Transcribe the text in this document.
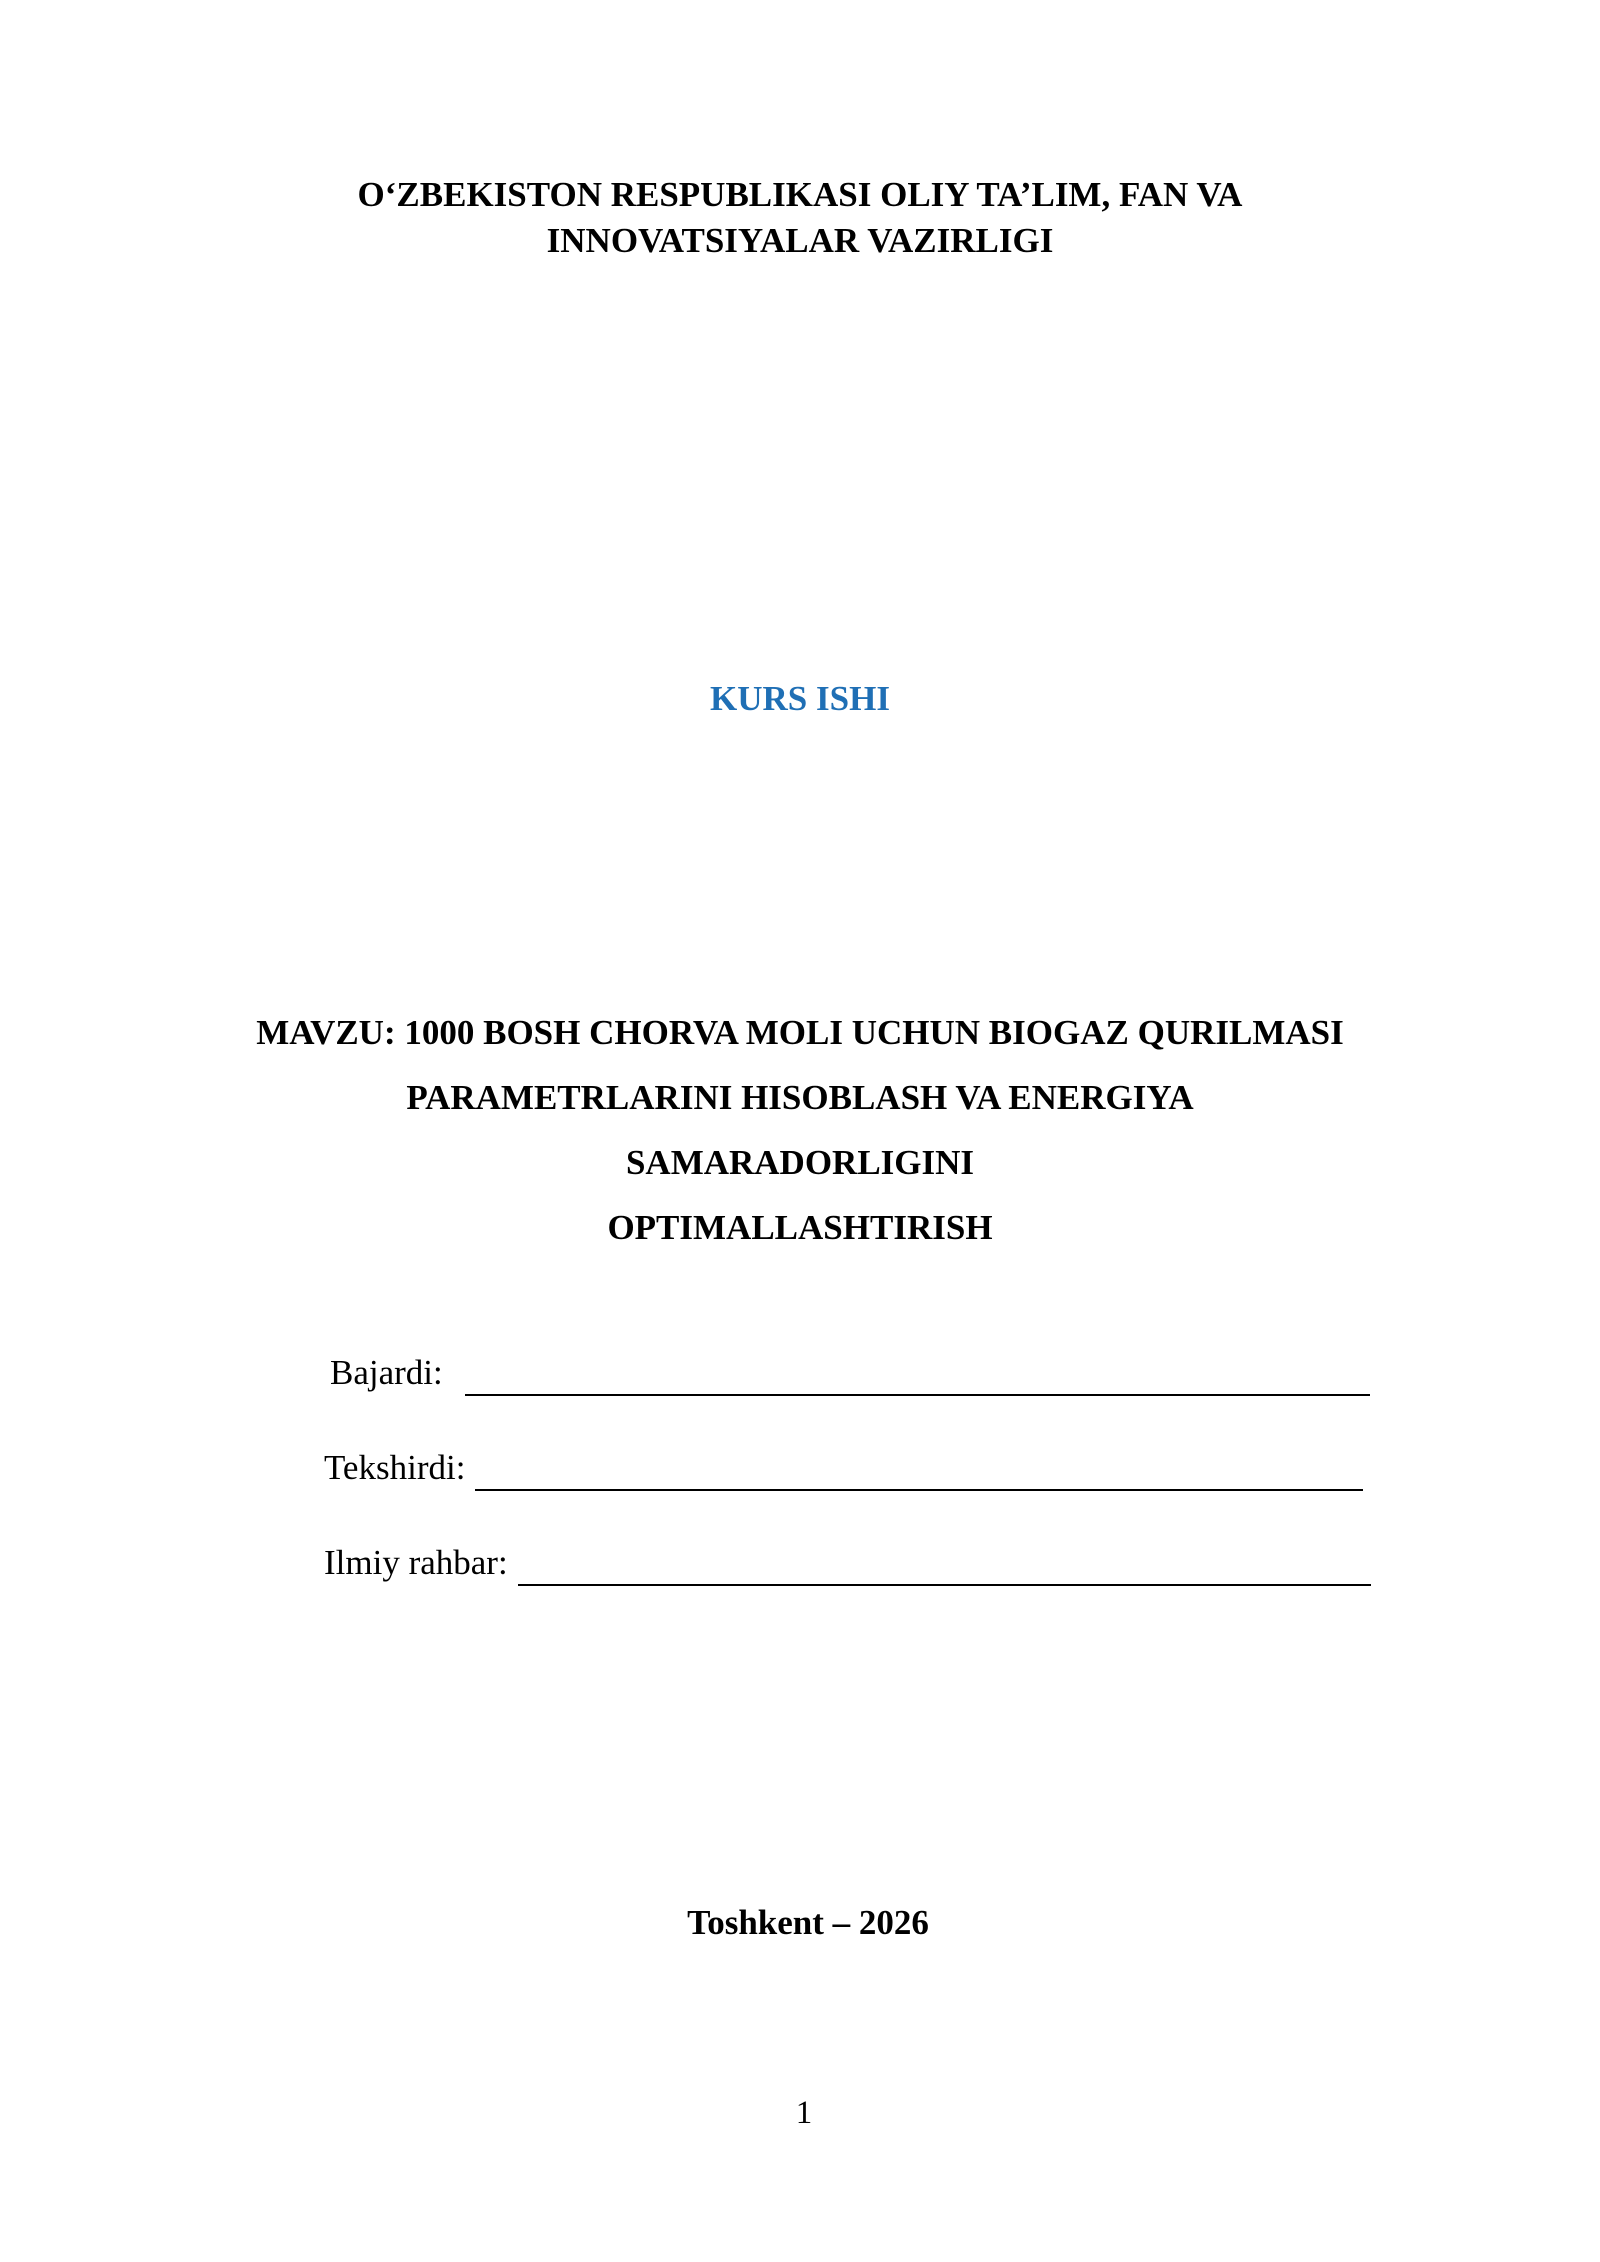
O‘ZBEKISTON RESPUBLIKASI OLIY TA’LIM, FAN VA
INNOVATSIYALAR VAZIRLIGI
KURS ISHI
MAVZU: 1000 BOSH CHORVA MOLI UCHUN BIOGAZ QURILMASI
PARAMETRLARINI HISOBLASH VA ENERGIYA
SAMARADORLIGINI
OPTIMALLASHTIRISH
Bajardi:
Tekshirdi:
Ilmiy rahbar:
Toshkent – 2026
1
